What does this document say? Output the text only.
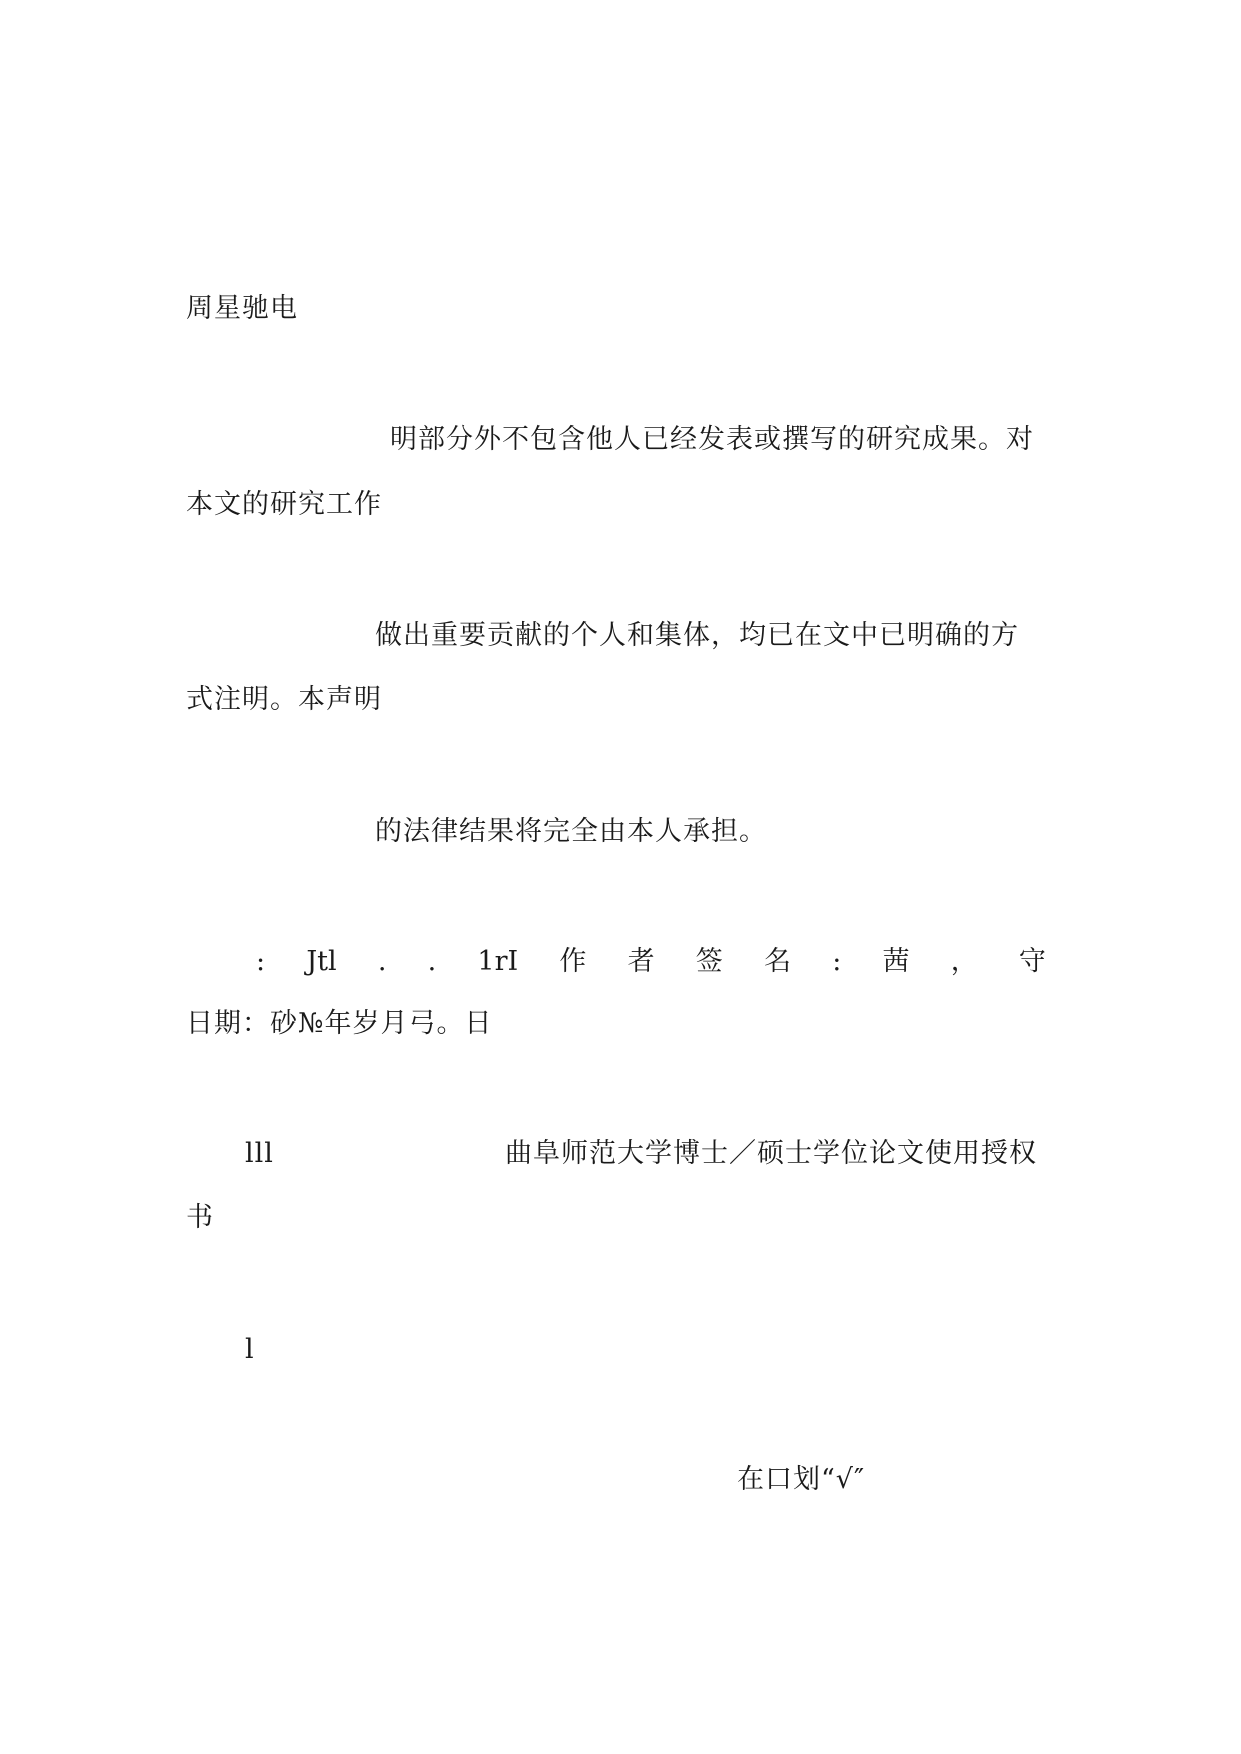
周星驰电
明部分外不包含他人已经发表或撰写的研究成果。对
本文的研究工作
做出重要贡献的个人和集体，均已在文中已明确的方
式注明。本声明
的法律结果将完全由本人承担。
: Jtl . . 1rI 作 者 签 名 : 茜 ， 守
日期：砂№年岁月弓。日
lll	曲阜师范大学博士／硕士学位论文使用授权
书
l
在口划“√″
